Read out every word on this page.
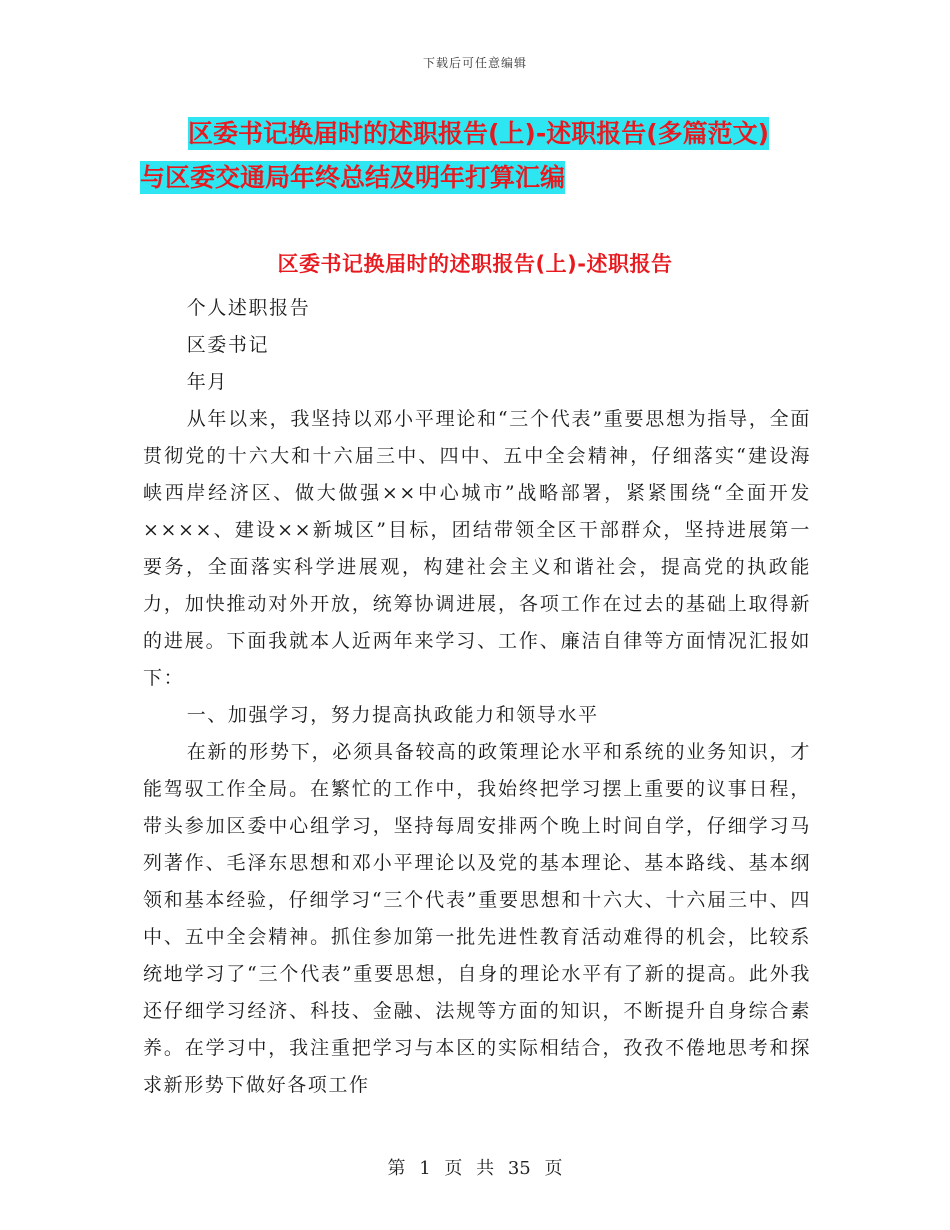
下载后可任意编辑
区委书记换届时的述职报告(上)-述职报告(多篇范文)
与区委交通局年终总结及明年打算汇编
区委书记换届时的述职报告(上)-述职报告

个人述职报告

区委书记

年月

从年以来，我坚持以邓小平理论和“三个代表”重要思想为指导，全面贯彻党的十六大和十六届三中、四中、五中全会精神，仔细落实“建设海峡西岸经济区、做大做强××中心城市”战略部署，紧紧围绕“全面开发××××、建设××新城区”目标，团结带领全区干部群众，坚持进展第一要务，全面落实科学进展观，构建社会主义和谐社会，提高党的执政能力，加快推动对外开放，统筹协调进展，各项工作在过去的基础上取得新的进展。下面我就本人近两年来学习、工作、廉洁自律等方面情况汇报如下：

一、加强学习，努力提高执政能力和领导水平

在新的形势下，必须具备较高的政策理论水平和系统的业务知识，才能驾驭工作全局。在繁忙的工作中，我始终把学习摆上重要的议事日程，带头参加区委中心组学习，坚持每周安排两个晚上时间自学，仔细学习马列著作、毛泽东思想和邓小平理论以及党的基本理论、基本路线、基本纲领和基本经验，仔细学习“三个代表”重要思想和十六大、十六届三中、四中、五中全会精神。抓住参加第一批先进性教育活动难得的机会，比较系统地学习了“三个代表”重要思想，自身的理论水平有了新的提高。此外我还仔细学习经济、科技、金融、法规等方面的知识，不断提升自身综合素养。在学习中，我注重把学习与本区的实际相结合，孜孜不倦地思考和探求新形势下做好各项工作

第 1 页 共 35 页
